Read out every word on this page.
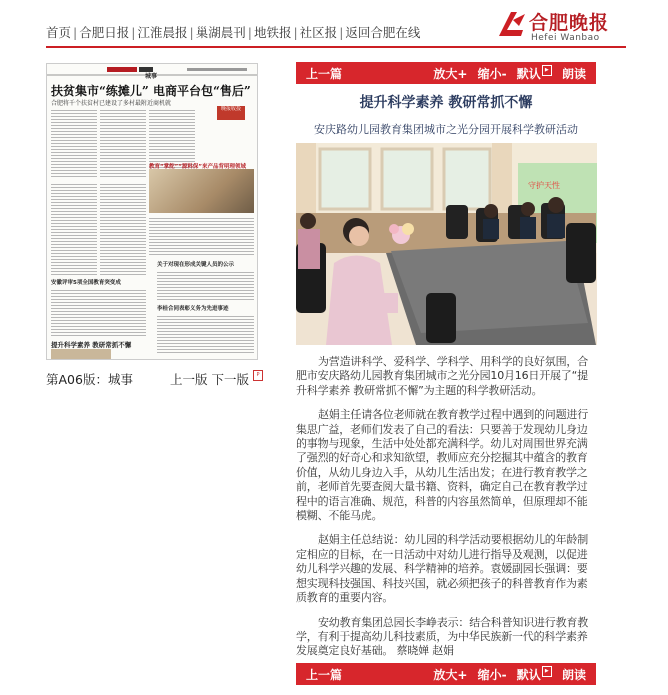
首页 | 合肥日报 | 江淮晨报 | 巢湖晨刊 | 地铁报 | 社区报 | 返回合肥在线	合肥晚报
Hefei Wanbao
城事
扶贫集市“练摊儿” 电商平台包“售后”
合肥将千个扶贫村已建设了多村最附近商机就
晚报收投
教育“掌舵”“源料保”来产品背明理领域
安徽评审5项全国教育突变成
关于对现在形成关键人员的公示
提升科学素养 教研常抓不懈
李桂合同表彰义务为先进事迹
第A06版：城事	上一版 下一版 P
上一篇	放大+ 缩小- 默认 ▶ 朗读
提升科学素养 教研常抓不懈
安庆路幼儿园教育集团城市之光分园开展科学教研活动
守护天性

为营造讲科学、爱科学、学科学、用科学的良好氛围，合肥市安庆路幼儿园教育集团城市之光分园10月16日开展了“提升科学素养 教研常抓不懈”为主题的科学教研活动。

赵娟主任请各位老师就在教育教学过程中遇到的问题进行集思广益，老师们发表了自己的看法：只要善于发现幼儿身边的事物与现象，生活中处处都充满科学。幼儿对周围世界充满了强烈的好奇心和求知欲望，教师应充分挖掘其中蕴含的教育价值，从幼儿身边入手，从幼儿生活出发；在进行教育教学之前，老师首先要查阅大量书籍、资料，确定自己在教育教学过程中的语言准确、规范，科普的内容虽然简单，但原理却不能模糊、不能马虎。

赵娟主任总结说：幼儿园的科学活动要根据幼儿的年龄制定相应的目标，在一日活动中对幼儿进行指导及观测，以促进幼儿科学兴趣的发展、科学精神的培养。袁媛副园长强调：要想实现科技强国、科技兴国，就必须把孩子的科普教育作为素质教育的重要内容。

安幼教育集团总园长李峥表示：结合科普知识进行教育教学，有利于提高幼儿科技素质，为中华民族新一代的科学素养发展奠定良好基础。 蔡晓婵 赵娟

上一篇	放大+ 缩小- 默认 ▶ 朗读
